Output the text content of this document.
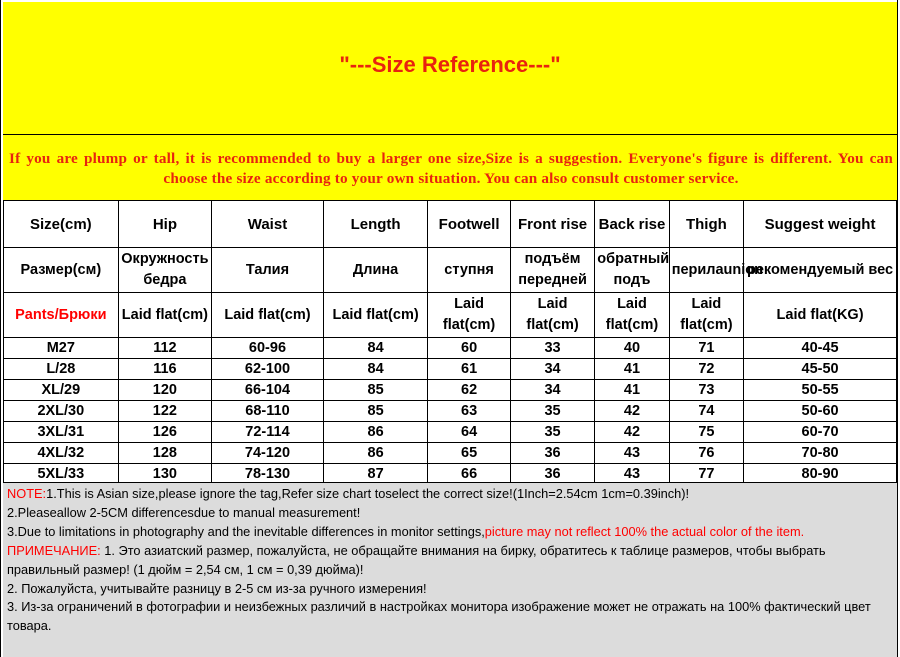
"---Size Reference---"

If you are plump or tall, it is recommended to buy a larger one size,Size is a suggestion. Everyone's figure is different. You can choose the size according to your own situation. You can also consult customer service.

Size(cm)	Hip	Waist	Length	Footwell	Front rise	Back rise	Thigh	Suggest weight
Размер(см)	Окружность бедра	Талия	Длина	ступня	подъём передней	обратный подъ	перилаunion	рекомендуемый вес
Pants/Брюки	Laid flat(cm)	Laid flat(cm)	Laid flat(cm)	Laid flat(cm)	Laid flat(cm)	Laid flat(cm)	Laid flat(cm)	Laid flat(KG)
M27	112	60-96	84	60	33	40	71	40-45
L/28	116	62-100	84	61	34	41	72	45-50
XL/29	120	66-104	85	62	34	41	73	50-55
2XL/30	122	68-110	85	63	35	42	74	50-60
3XL/31	126	72-114	86	64	35	42	75	60-70
4XL/32	128	74-120	86	65	36	43	76	70-80
5XL/33	130	78-130	87	66	36	43	77	80-90

NOTE:1.This is Asian size,please ignore the tag,Refer size chart toselect the correct size!(1Inch=2.54cm 1cm=0.39inch)!

2.Pleaseallow 2-5CM differencesdue to manual measurement!

3.Due to limitations in photography and the inevitable differences in monitor settings,picture may not reflect 100% the actual color of the item.

ПРИМЕЧАНИЕ: 1. Это азиатский размер, пожалуйста, не обращайте внимания на бирку, обратитесь к таблице размеров, чтобы выбрать правильный размер! (1 дюйм = 2,54 см, 1 см = 0,39 дюйма)!

2. Пожалуйста, учитывайте разницу в 2-5 см из-за ручного измерения!

3. Из-за ограничений в фотографии и неизбежных различий в настройках монитора изображение может не отражать на 100% фактический цвет товара.
